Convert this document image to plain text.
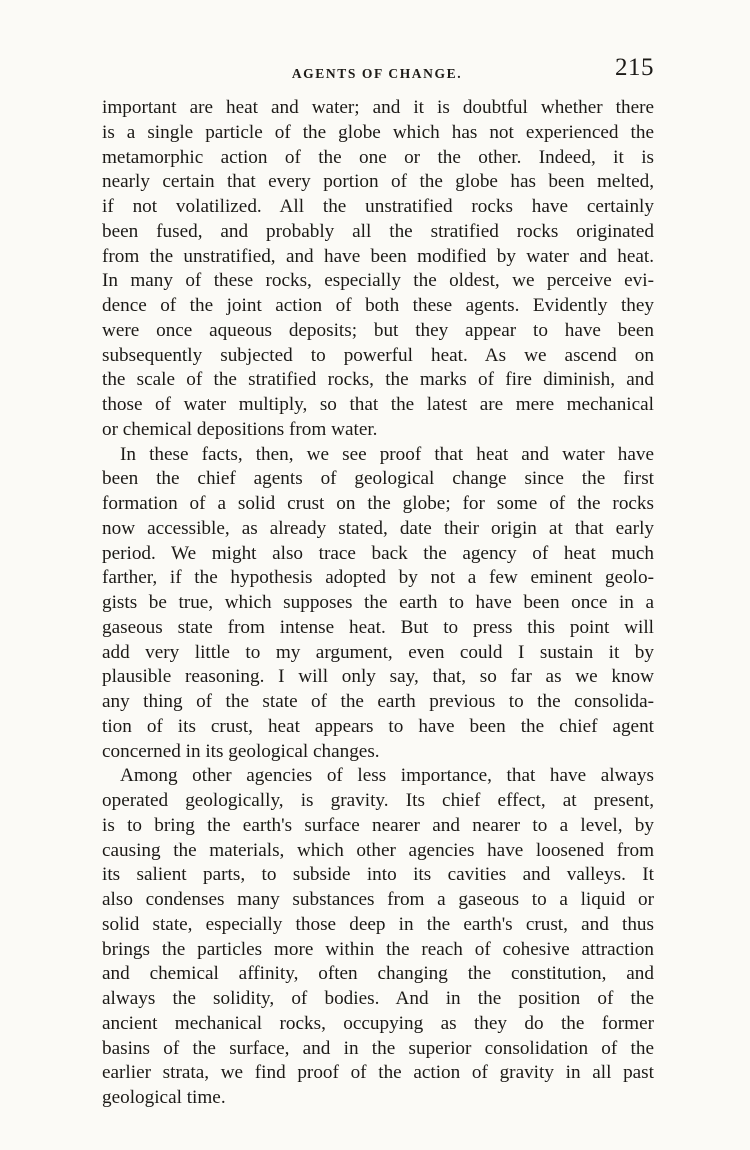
AGENTS OF CHANGE.	215
important are heat and water; and it is doubtful whether there
is a single particle of the globe which has not experienced the
metamorphic action of the one or the other. Indeed, it is
nearly certain that every portion of the globe has been melted,
if not volatilized. All the unstratified rocks have certainly
been fused, and probably all the stratified rocks originated
from the unstratified, and have been modified by water and heat.
In many of these rocks, especially the oldest, we perceive evi-
dence of the joint action of both these agents. Evidently they
were once aqueous deposits; but they appear to have been
subsequently subjected to powerful heat. As we ascend on
the scale of the stratified rocks, the marks of fire diminish, and
those of water multiply, so that the latest are mere mechanical
or chemical depositions from water.
In these facts, then, we see proof that heat and water have
been the chief agents of geological change since the first
formation of a solid crust on the globe; for some of the rocks
now accessible, as already stated, date their origin at that early
period. We might also trace back the agency of heat much
farther, if the hypothesis adopted by not a few eminent geolo-
gists be true, which supposes the earth to have been once in a
gaseous state from intense heat. But to press this point will
add very little to my argument, even could I sustain it by
plausible reasoning. I will only say, that, so far as we know
any thing of the state of the earth previous to the consolida-
tion of its crust, heat appears to have been the chief agent
concerned in its geological changes.
Among other agencies of less importance, that have always
operated geologically, is gravity. Its chief effect, at present,
is to bring the earth's surface nearer and nearer to a level, by
causing the materials, which other agencies have loosened from
its salient parts, to subside into its cavities and valleys. It
also condenses many substances from a gaseous to a liquid or
solid state, especially those deep in the earth's crust, and thus
brings the particles more within the reach of cohesive attraction
and chemical affinity, often changing the constitution, and
always the solidity, of bodies. And in the position of the
ancient mechanical rocks, occupying as they do the former
basins of the surface, and in the superior consolidation of the
earlier strata, we find proof of the action of gravity in all past
geological time.
